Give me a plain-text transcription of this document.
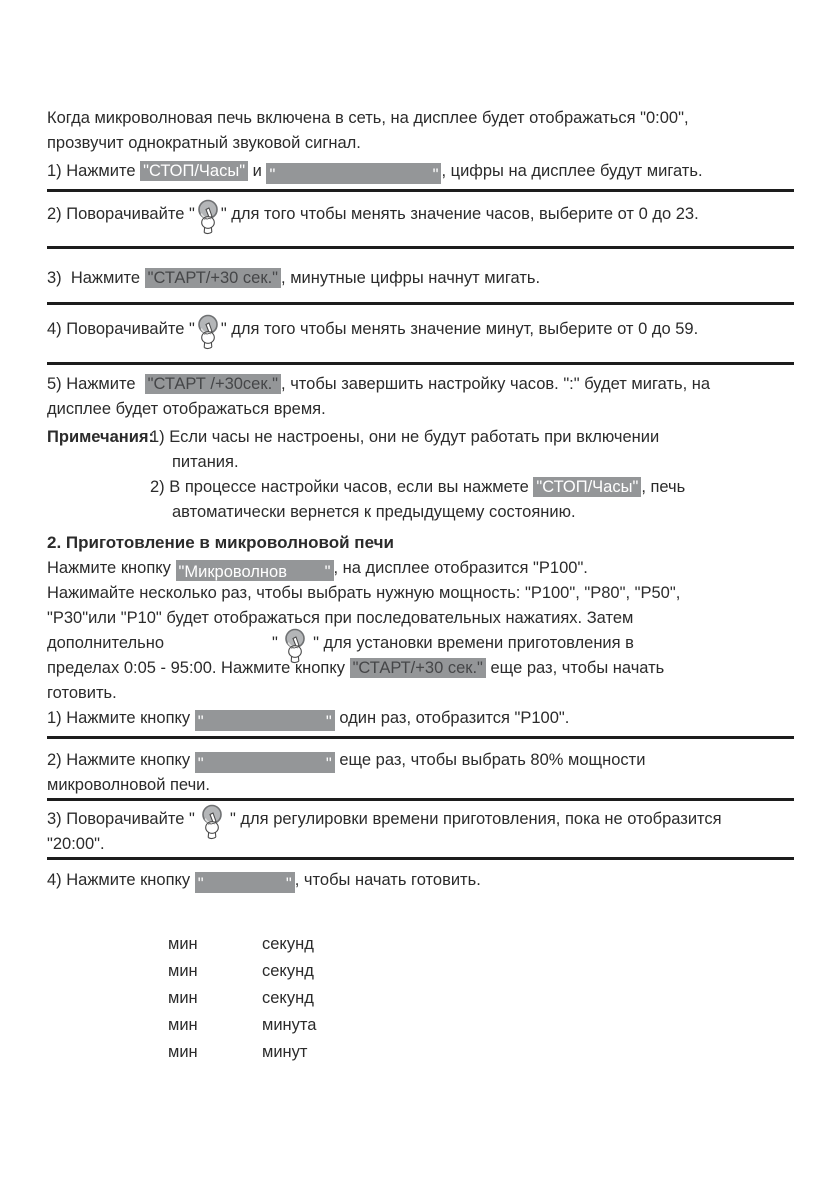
Когда микроволновая печь включена в сеть, на дисплее будет отображаться "0:00",
прозвучит однократный звуковой сигнал.
1) Нажмите "СТОП/Часы" и "	" , цифры на дисплее будут мигать.
2) Поворачивайте " " для того чтобы менять значение часов, выберите от 0 до 23.
3)  Нажмите "СТАРТ/+30 сек." , минутные цифры начнут мигать.
4) Поворачивайте " " для того чтобы менять значение минут, выберите от 0 до 59.
5) Нажмите  "СТАРТ /+30сек." , чтобы завершить настройку часов. ":" будет мигать, на
дисплее будет отображаться время.
Примечания:
1) Если часы не настроены, они не будут работать при включении
питания.
2) В процессе настройки часов, если вы нажмете "СТОП/Часы" , печь
автоматически вернется к предыдущему состоянию.
2. Приготовление в микроволновой печи
Нажмите кнопку "Микроволнов " , на дисплее отобразится "P100".
Нажимайте несколько раз, чтобы выбрать нужную мощность: "P100", "P80", "P50",
"P30"или "P10" будет отображаться при последовательных нажатиях. Затем
дополнительно	"
" для установки времени приготовления в
пределах 0:05 - 95:00. Нажмите кнопку "СТАРТ/+30 сек." еще раз, чтобы начать
готовить.
1) Нажмите кнопку "	" один раз, отобразится "P100".
2) Нажмите кнопку "	" еще раз, чтобы выбрать 80% мощности
микроволновой печи.
3) Поворачивайте "
" для регулировки времени приготовления, пока не отобразится
"20:00".
4) Нажмите кнопку "	" , чтобы начать готовить.
мин	секунд
мин	секунд
мин	секунд
мин	минута
мин	минут
